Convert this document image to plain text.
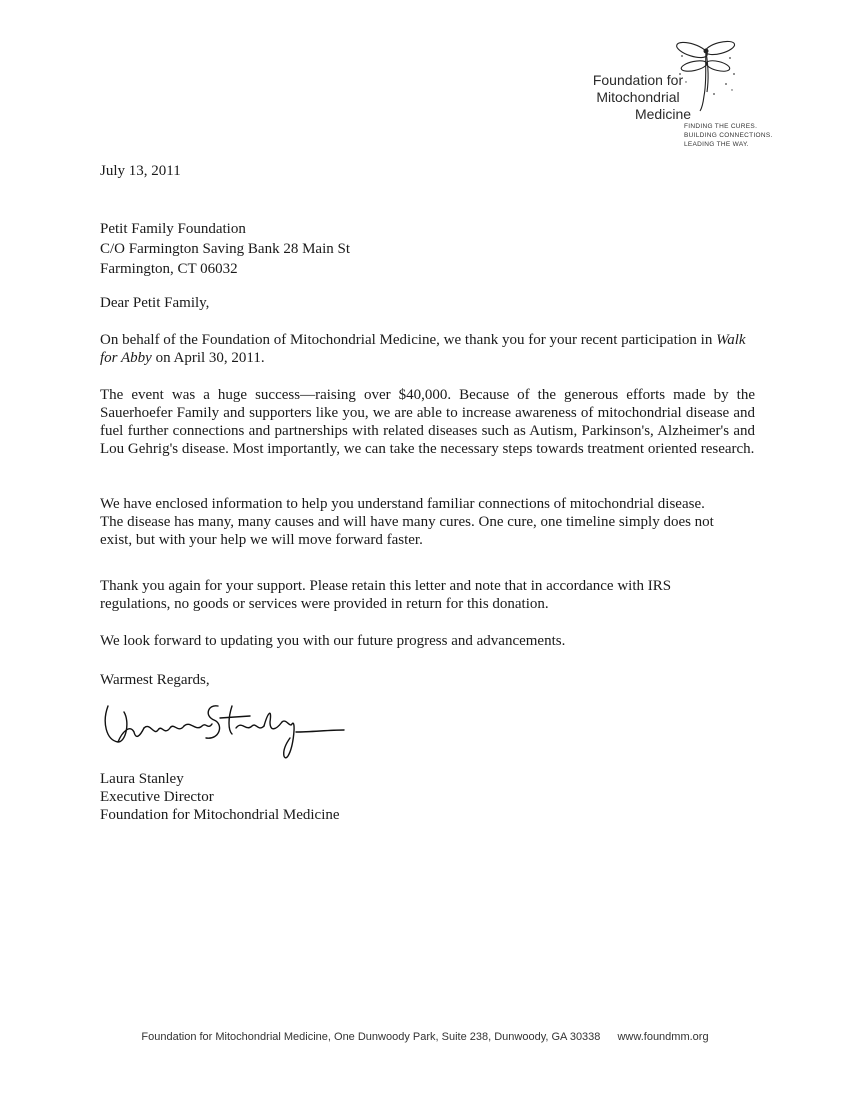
Foundation for
Mitochondrial
Medicine
FINDING THE CURES.
BUILDING CONNECTIONS.
LEADING THE WAY.
July 13, 2011
Petit Family Foundation
C/O Farmington Saving Bank 28 Main St
Farmington, CT 06032
Dear Petit Family,
On behalf of the Foundation of Mitochondrial Medicine, we thank you for your recent participation in Walk for Abby on April 30, 2011.
The event was a huge success—raising over $40,000. Because of the generous efforts made by the Sauerhoefer Family and supporters like you, we are able to increase awareness of mitochondrial disease and fuel further connections and partnerships with related diseases such as Autism, Parkinson's, Alzheimer's and Lou Gehrig's disease. Most importantly, we can take the necessary steps towards treatment oriented research.
We have enclosed information to help you understand familiar connections of mitochondrial disease. The disease has many, many causes and will have many cures. One cure, one timeline simply does not exist, but with your help we will move forward faster.
Thank you again for your support. Please retain this letter and note that in accordance with IRS regulations, no goods or services were provided in return for this donation.
We look forward to updating you with our future progress and advancements.
Warmest Regards,
Laura Stanley
Executive Director
Foundation for Mitochondrial Medicine
Foundation for Mitochondrial Medicine, One Dunwoody Park, Suite 238, Dunwoody, GA 30338 www.foundmm.org
